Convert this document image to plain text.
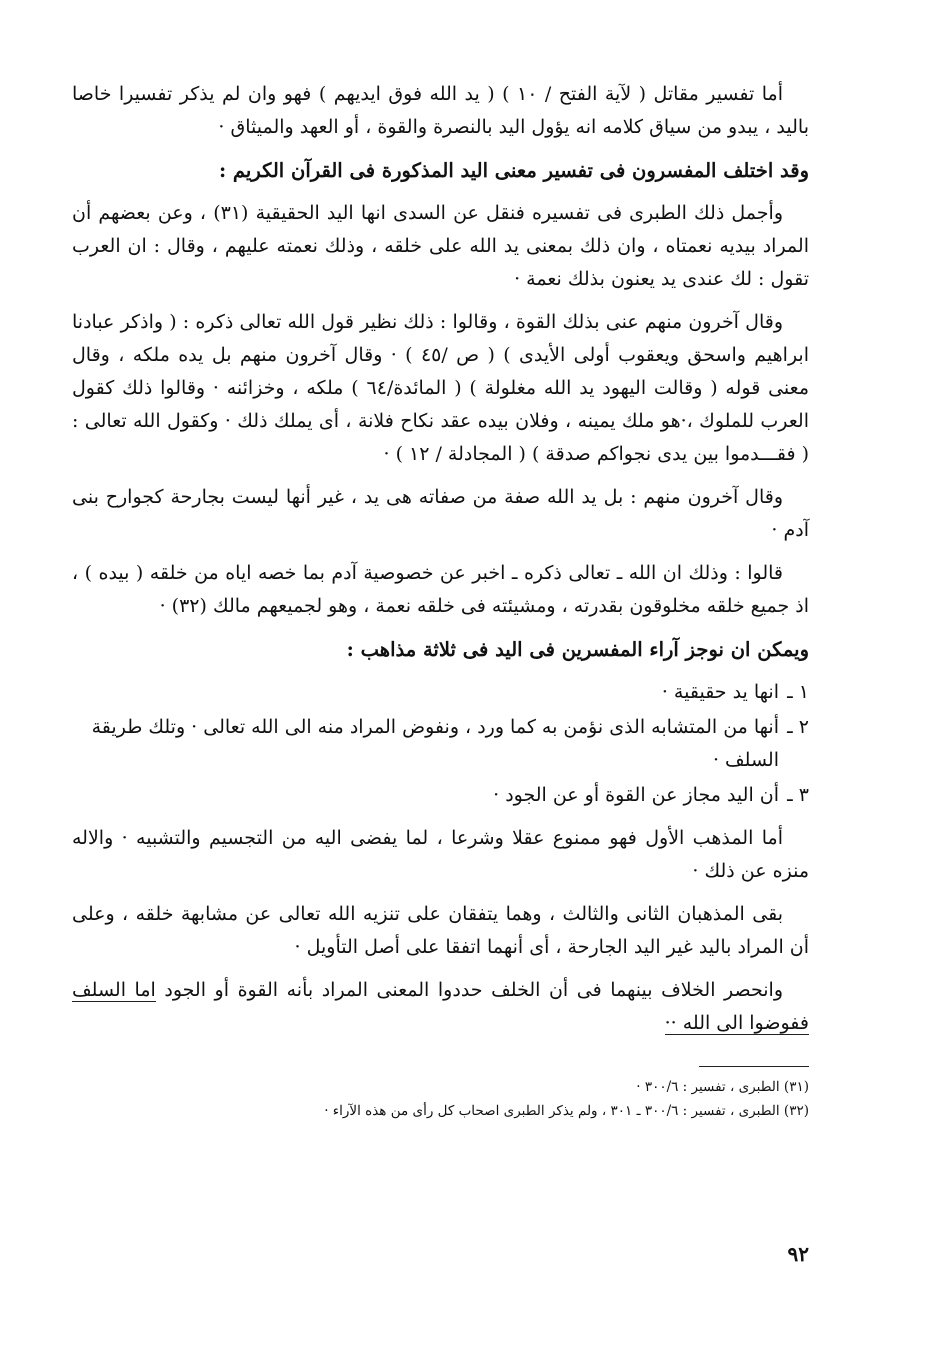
أما تفسير مقاتل ( لآية الفتح / ١٠ ) ( يد الله فوق ايديهم ) فهو وان لم يذكر تفسيرا خاصا باليد ، يبدو من سياق كلامه انه يؤول اليد بالنصرة والقوة ، أو العهد والميثاق ·

وقد اختلف المفسرون فى تفسير معنى اليد المذكورة فى القرآن الكريم :

وأجمل ذلك الطبرى فى تفسيره فنقل عن السدى انها اليد الحقيقية (٣١) ، وعن بعضهم أن المراد بيديه نعمتاه ، وان ذلك بمعنى يد الله على خلقه ، وذلك نعمته عليهم ، وقال : ان العرب تقول : لك عندى يد يعنون بذلك نعمة ·

وقال آخرون منهم عنى بذلك القوة ، وقالوا : ذلك نظير قول الله تعالى ذكره : ( واذكر عبادنا ابراهيم واسحق ويعقوب أولى الأيدى ) ( ص /٤٥ ) · وقال آخرون منهم بل يده ملكه ، وقال معنى قوله ( وقالت اليهود يد الله مغلولة ) ( المائدة/٦٤ ) ملكه ، وخزائنه · وقالوا ذلك كقول العرب للملوك ،·هو ملك يمينه ، وفلان بيده عقد نكاح فلانة ، أى يملك ذلك · وكقول الله تعالى : ( فقـــدموا بين يدى نجواكم صدقة ) ( المجادلة / ١٢ ) ·

وقال آخرون منهم : بل يد الله صفة من صفاته هى يد ، غير أنها ليست بجارحة كجوارح بنى آدم ·

قالوا : وذلك ان الله ـ تعالى ذكره ـ اخبر عن خصوصية آدم بما خصه اياه من خلقه ( بيده ) ، اذ جميع خلقه مخلوقون بقدرته ، ومشيئته فى خلقه نعمة ، وهو لجميعهم مالك (٣٢) ·

ويمكن ان نوجز آراء المفسرين فى اليد فى ثلاثة مذاهب :

١ ـ
انها يد حقيقية ·
٢ ـ
أنها من المتشابه الذى نؤمن به كما ورد ، ونفوض المراد منه الى الله تعالى · وتلك طريقة السلف ·
٣ ـ
أن اليد مجاز عن القوة أو عن الجود ·

أما المذهب الأول فهو ممنوع عقلا وشرعا ، لما يفضى اليه من التجسيم والتشبيه · والاله منزه عن ذلك ·

بقى المذهبان الثانى والثالث ، وهما يتفقان على تنزيه الله تعالى عن مشابهة خلقه ، وعلى أن المراد باليد غير اليد الجارحة ، أى أنهما اتفقا على أصل التأويل ·

وانحصر الخلاف بينهما فى أن الخلف حددوا المعنى المراد بأنه القوة أو الجود اما السلف ففوضوا الى الله ··

(٣١) الطبرى ، تفسير : ٣٠٠/٦ ·

(٣٢) الطبرى ، تفسير : ٣٠٠/٦ ـ ٣٠١ ، ولم يذكر الطبرى اصحاب كل رأى من هذه الآراء ·

٩٢
